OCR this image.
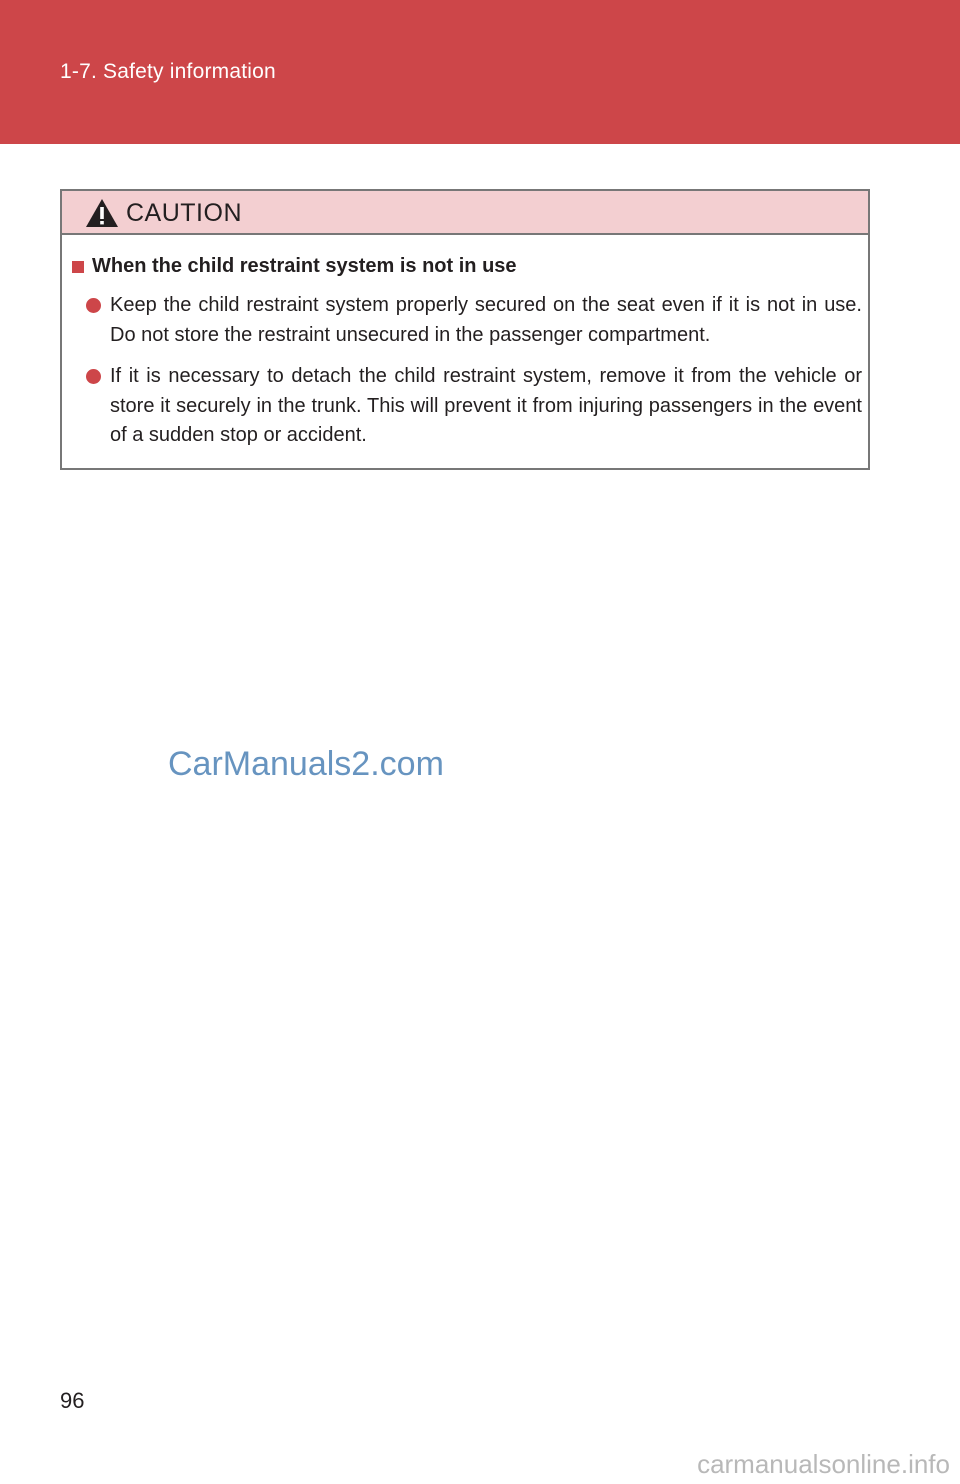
1-7. Safety information
CAUTION
When the child restraint system is not in use
Keep the child restraint system properly secured on the seat even if it is not in use. Do not store the restraint unsecured in the passenger compartment.
If it is necessary to detach the child restraint system, remove it from the vehicle or store it securely in the trunk. This will prevent it from injuring passengers in the event of a sudden stop or accident.
CarManuals2.com
96
carmanualsonline.info
